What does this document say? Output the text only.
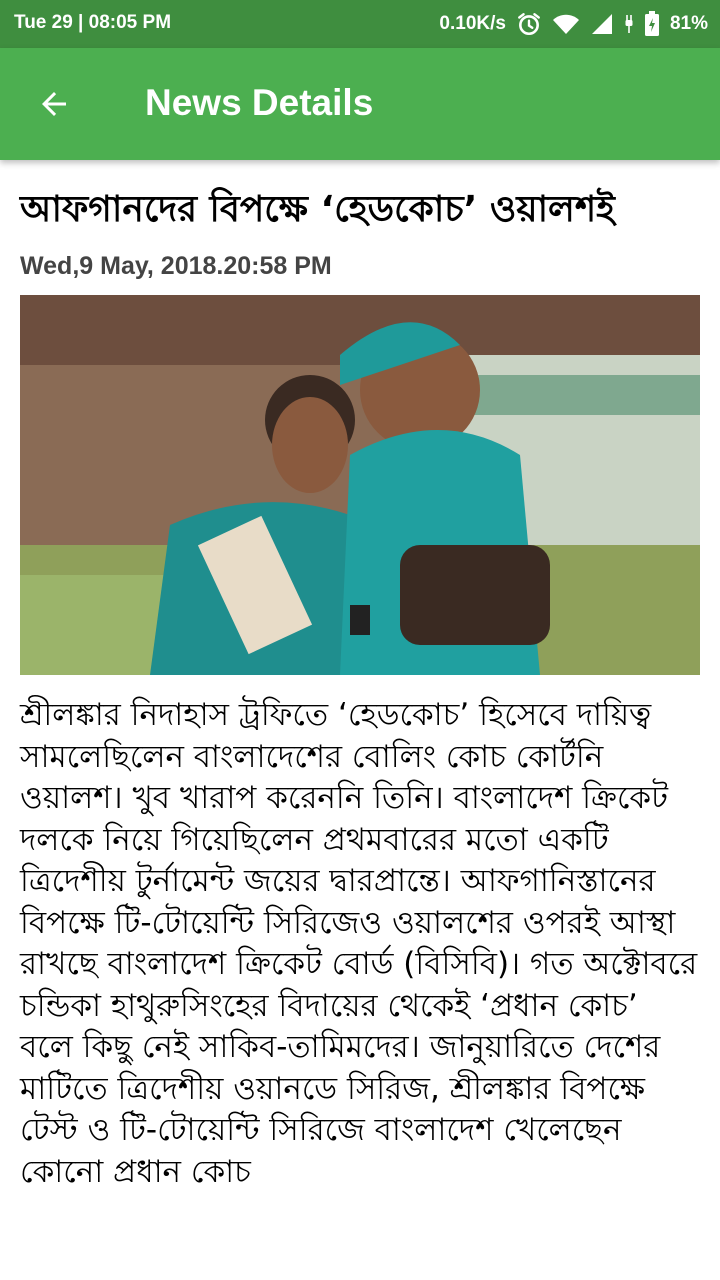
Tue 29 | 08:05 PM	0.10K/s	81%
News Details
আফগানদের বিপক্ষে ‘হেডকোচ’ ওয়ালশই
Wed,9 May, 2018.20:58 PM
শ্রীলঙ্কার নিদাহাস ট্রফিতে ‘হেডকোচ’ হিসেবে দায়িত্ব সামলেছিলেন বাংলাদেশের বোলিং কোচ কোর্টনি ওয়ালশ। খুব খারাপ করেননি তিনি। বাংলাদেশ ক্রিকেট দলকে নিয়ে গিয়েছিলেন প্রথমবারের মতো একটি ত্রিদেশীয় টুর্নামেন্ট জয়ের দ্বারপ্রান্তে। আফগানিস্তানের বিপক্ষে টি-টোয়েন্টি সিরিজেও ওয়ালশের ওপরই আস্থা রাখছে বাংলাদেশ ক্রিকেট বোর্ড (বিসিবি)। গত অক্টোবরে চন্ডিকা হাথুরুসিংহের বিদায়ের থেকেই ‘প্রধান কোচ’ বলে কিছু নেই সাকিব-তামিমদের। জানুয়ারিতে দেশের মাটিতে ত্রিদেশীয় ওয়ানডে সিরিজ, শ্রীলঙ্কার বিপক্ষে টেস্ট ও টি-টোয়েন্টি সিরিজে বাংলাদেশ খেলেছেন কোনো প্রধান কোচ
